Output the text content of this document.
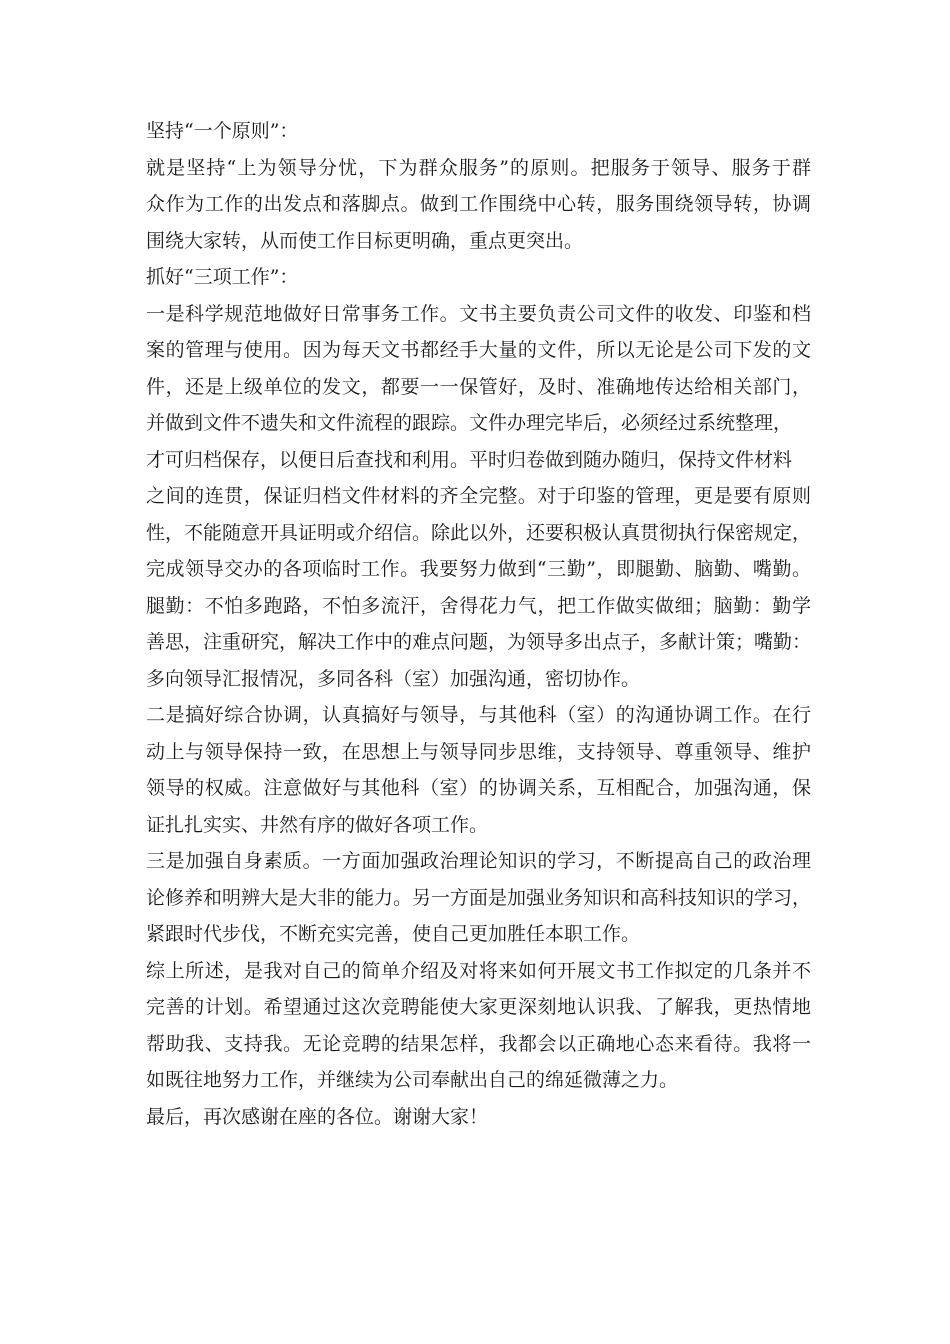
坚持“一个原则”：
就是坚持“上为领导分忧，下为群众服务”的原则。把服务于领导、服务于群
众作为工作的出发点和落脚点。做到工作围绕中心转，服务围绕领导转，协调
围绕大家转，从而使工作目标更明确，重点更突出。
抓好“三项工作”：
一是科学规范地做好日常事务工作。文书主要负责公司文件的收发、印鉴和档
案的管理与使用。因为每天文书都经手大量的文件，所以无论是公司下发的文
件，还是上级单位的发文，都要一一保管好，及时、准确地传达给相关部门，
并做到文件不遗失和文件流程的跟踪。文件办理完毕后，必须经过系统整理，
才可归档保存，以便日后查找和利用。平时归卷做到随办随归，保持文件材料
之间的连贯，保证归档文件材料的齐全完整。对于印鉴的管理，更是要有原则
性，不能随意开具证明或介绍信。除此以外，还要积极认真贯彻执行保密规定，
完成领导交办的各项临时工作。我要努力做到“三勤”，即腿勤、脑勤、嘴勤。
腿勤：不怕多跑路，不怕多流汗，舍得花力气，把工作做实做细；脑勤：勤学
善思，注重研究，解决工作中的难点问题，为领导多出点子，多献计策；嘴勤：
多向领导汇报情况，多同各科（室）加强沟通，密切协作。
二是搞好综合协调，认真搞好与领导，与其他科（室）的沟通协调工作。在行
动上与领导保持一致，在思想上与领导同步思维，支持领导、尊重领导、维护
领导的权威。注意做好与其他科（室）的协调关系，互相配合，加强沟通，保
证扎扎实实、井然有序的做好各项工作。
三是加强自身素质。一方面加强政治理论知识的学习，不断提高自己的政治理
论修养和明辨大是大非的能力。另一方面是加强业务知识和高科技知识的学习，
紧跟时代步伐，不断充实完善，使自己更加胜任本职工作。
综上所述，是我对自己的简单介绍及对将来如何开展文书工作拟定的几条并不
完善的计划。希望通过这次竞聘能使大家更深刻地认识我、了解我，更热情地
帮助我、支持我。无论竞聘的结果怎样，我都会以正确地心态来看待。我将一
如既往地努力工作，并继续为公司奉献出自己的绵延微薄之力。
最后，再次感谢在座的各位。谢谢大家！
